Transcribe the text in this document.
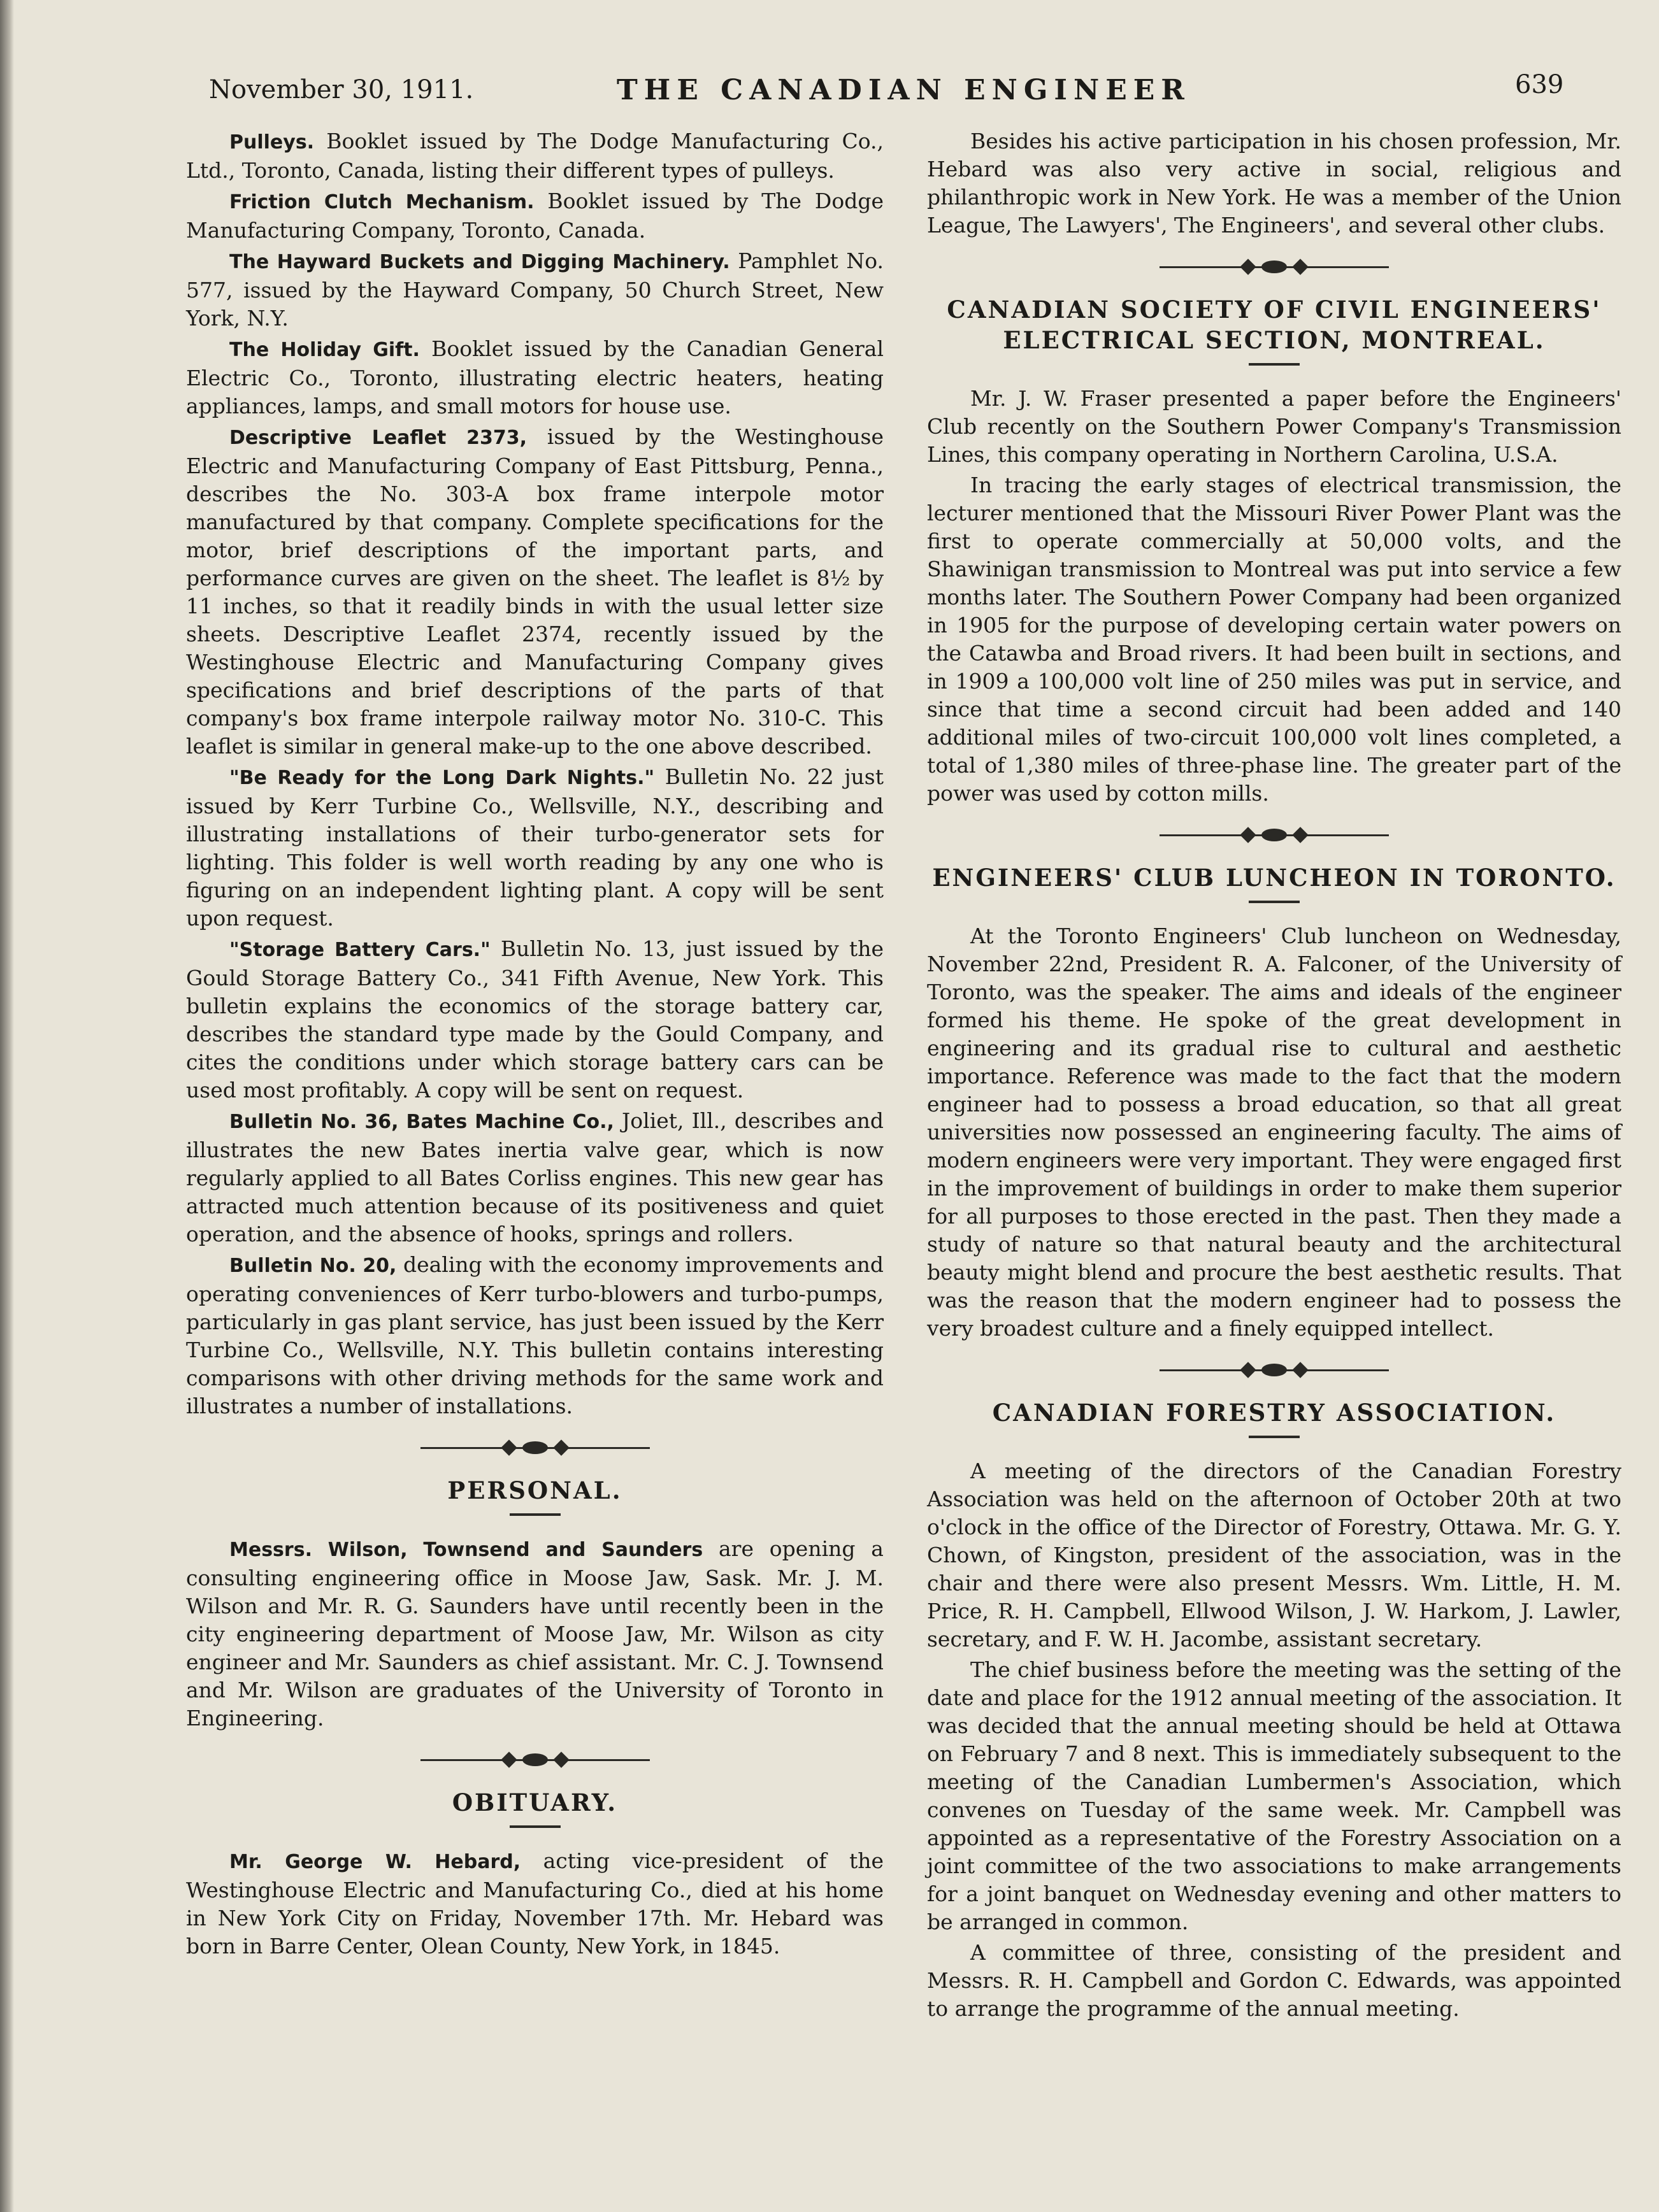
November 30, 1911.	THE CANADIAN ENGINEER	639

Pulleys. Booklet issued by The Dodge Manufacturing Co., Ltd., Toronto, Canada, listing their different types of pulleys.

Friction Clutch Mechanism. Booklet issued by The Dodge Manufacturing Company, Toronto, Canada.

The Hayward Buckets and Digging Machinery. Pamphlet No. 577, issued by the Hayward Company, 50 Church Street, New York, N.Y.

The Holiday Gift. Booklet issued by the Canadian General Electric Co., Toronto, illustrating electric heaters, heating appliances, lamps, and small motors for house use.

Descriptive Leaflet 2373, issued by the Westinghouse Electric and Manufacturing Company of East Pittsburg, Penna., describes the No. 303-A box frame interpole motor manufactured by that company. Complete specifications for the motor, brief descriptions of the important parts, and performance curves are given on the sheet. The leaflet is 8½ by 11 inches, so that it readily binds in with the usual letter size sheets. Descriptive Leaflet 2374, recently issued by the Westinghouse Electric and Manufacturing Company gives specifications and brief descriptions of the parts of that company's box frame interpole railway motor No. 310-C. This leaflet is similar in general make-up to the one above described.

"Be Ready for the Long Dark Nights." Bulletin No. 22 just issued by Kerr Turbine Co., Wellsville, N.Y., describing and illustrating installations of their turbo-generator sets for lighting. This folder is well worth reading by any one who is figuring on an independent lighting plant. A copy will be sent upon request.

"Storage Battery Cars." Bulletin No. 13, just issued by the Gould Storage Battery Co., 341 Fifth Avenue, New York. This bulletin explains the economics of the storage battery car, describes the standard type made by the Gould Company, and cites the conditions under which storage battery cars can be used most profitably. A copy will be sent on request.

Bulletin No. 36, Bates Machine Co., Joliet, Ill., describes and illustrates the new Bates inertia valve gear, which is now regularly applied to all Bates Corliss engines. This new gear has attracted much attention because of its positiveness and quiet operation, and the absence of hooks, springs and rollers.

Bulletin No. 20, dealing with the economy improvements and operating conveniences of Kerr turbo-blowers and turbo-pumps, particularly in gas plant service, has just been issued by the Kerr Turbine Co., Wellsville, N.Y. This bulletin contains interesting comparisons with other driving methods for the same work and illustrates a number of installations.

PERSONAL.

Messrs. Wilson, Townsend and Saunders are opening a consulting engineering office in Moose Jaw, Sask. Mr. J. M. Wilson and Mr. R. G. Saunders have until recently been in the city engineering department of Moose Jaw, Mr. Wilson as city engineer and Mr. Saunders as chief assistant. Mr. C. J. Townsend and Mr. Wilson are graduates of the University of Toronto in Engineering.

OBITUARY.

Mr. George W. Hebard, acting vice-president of the Westinghouse Electric and Manufacturing Co., died at his home in New York City on Friday, November 17th. Mr. Hebard was born in Barre Center, Olean County, New York, in 1845.

Besides his active participation in his chosen profession, Mr. Hebard was also very active in social, religious and philanthropic work in New York. He was a member of the Union League, The Lawyers', The Engineers', and several other clubs.

CANADIAN SOCIETY OF CIVIL ENGINEERS'
ELECTRICAL SECTION, MONTREAL.

Mr. J. W. Fraser presented a paper before the Engineers' Club recently on the Southern Power Company's Transmission Lines, this company operating in Northern Carolina, U.S.A.

In tracing the early stages of electrical transmission, the lecturer mentioned that the Missouri River Power Plant was the first to operate commercially at 50,000 volts, and the Shawinigan transmission to Montreal was put into service a few months later. The Southern Power Company had been organized in 1905 for the purpose of developing certain water powers on the Catawba and Broad rivers. It had been built in sections, and in 1909 a 100,000 volt line of 250 miles was put in service, and since that time a second circuit had been added and 140 additional miles of two-circuit 100,000 volt lines completed, a total of 1,380 miles of three-phase line. The greater part of the power was used by cotton mills.

ENGINEERS' CLUB LUNCHEON IN TORONTO.

At the Toronto Engineers' Club luncheon on Wednesday, November 22nd, President R. A. Falconer, of the University of Toronto, was the speaker. The aims and ideals of the engineer formed his theme. He spoke of the great development in engineering and its gradual rise to cultural and aesthetic importance. Reference was made to the fact that the modern engineer had to possess a broad education, so that all great universities now possessed an engineering faculty. The aims of modern engineers were very important. They were engaged first in the improvement of buildings in order to make them superior for all purposes to those erected in the past. Then they made a study of nature so that natural beauty and the architectural beauty might blend and procure the best aesthetic results. That was the reason that the modern engineer had to possess the very broadest culture and a finely equipped intellect.

CANADIAN FORESTRY ASSOCIATION.

A meeting of the directors of the Canadian Forestry Association was held on the afternoon of October 20th at two o'clock in the office of the Director of Forestry, Ottawa. Mr. G. Y. Chown, of Kingston, president of the association, was in the chair and there were also present Messrs. Wm. Little, H. M. Price, R. H. Campbell, Ellwood Wilson, J. W. Harkom, J. Lawler, secretary, and F. W. H. Jacombe, assistant secretary.

The chief business before the meeting was the setting of the date and place for the 1912 annual meeting of the association. It was decided that the annual meeting should be held at Ottawa on February 7 and 8 next. This is immediately subsequent to the meeting of the Canadian Lumbermen's Association, which convenes on Tuesday of the same week. Mr. Campbell was appointed as a representative of the Forestry Association on a joint committee of the two associations to make arrangements for a joint banquet on Wednesday evening and other matters to be arranged in common.

A committee of three, consisting of the president and Messrs. R. H. Campbell and Gordon C. Edwards, was appointed to arrange the programme of the annual meeting.
